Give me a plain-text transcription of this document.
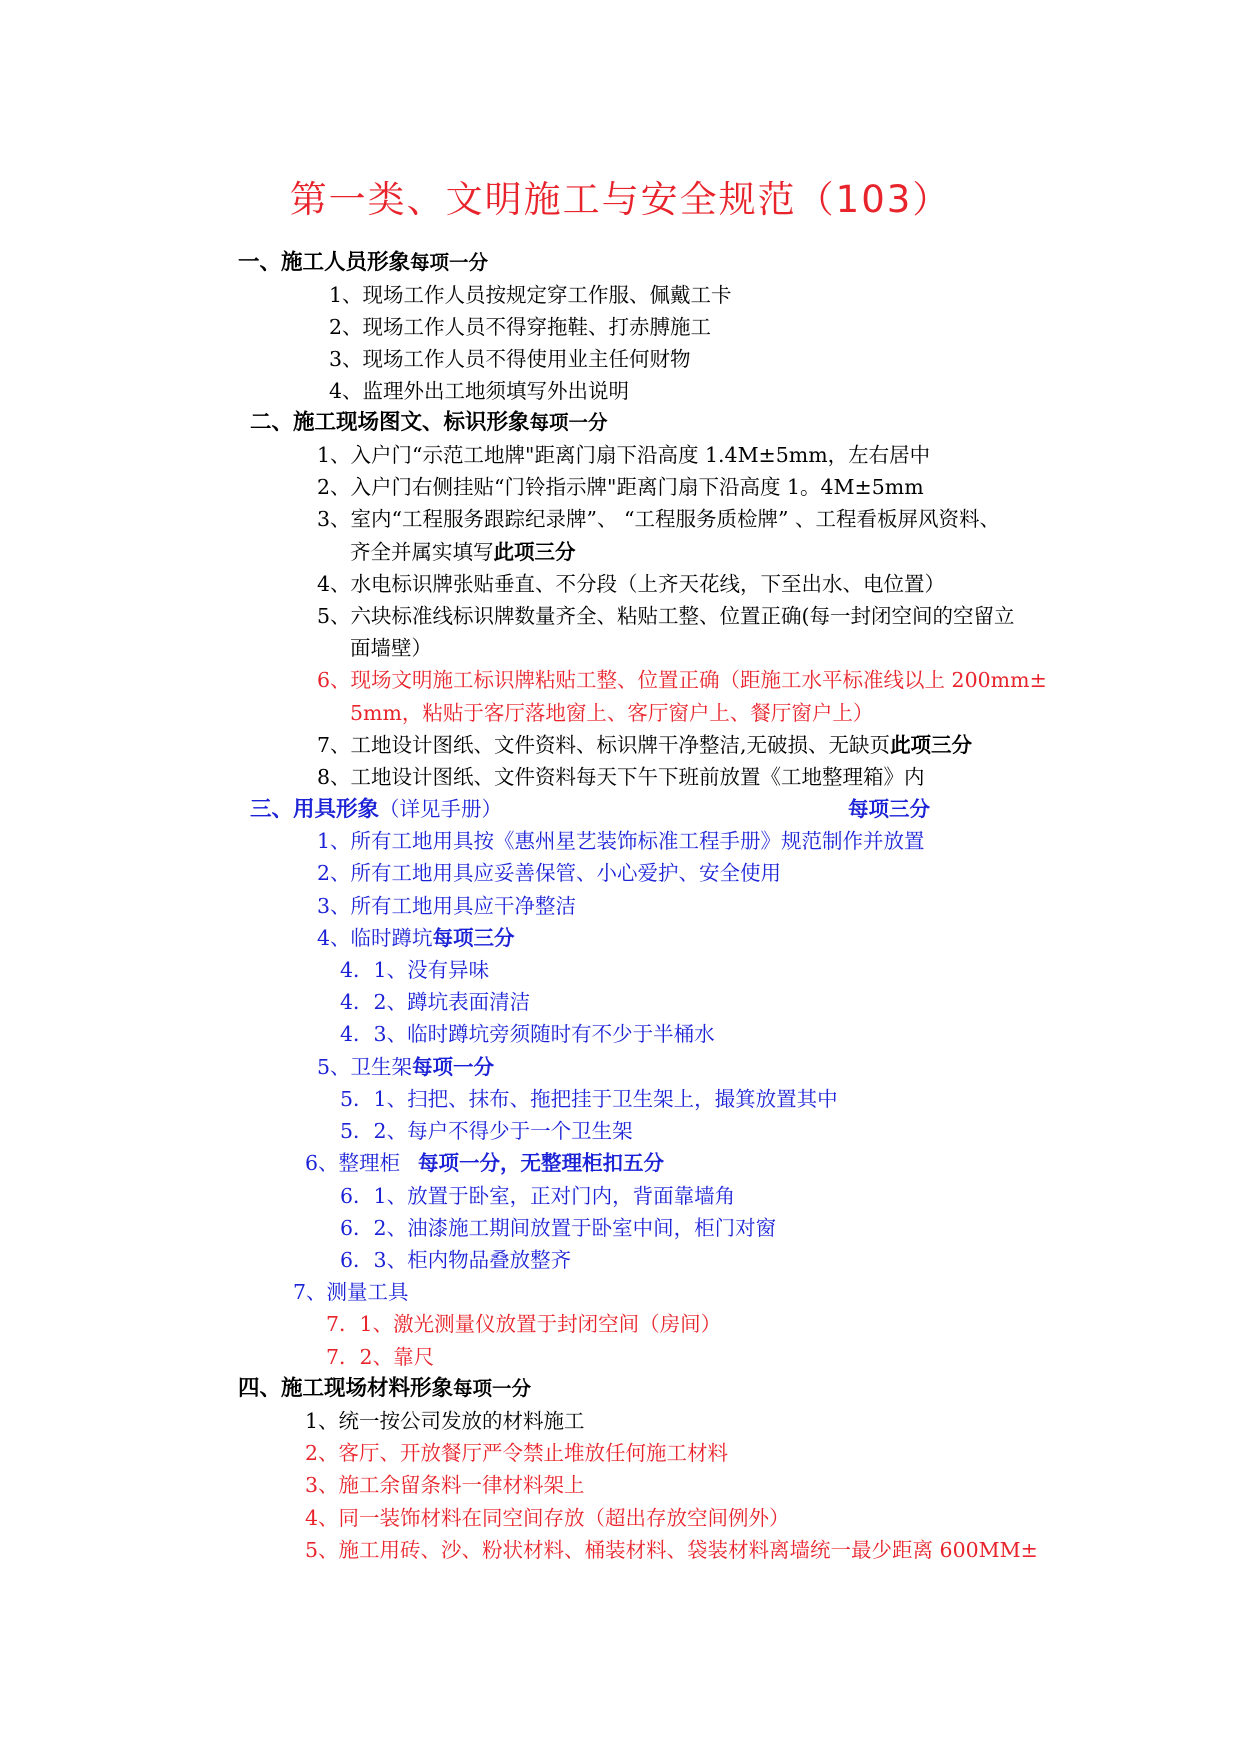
第一类、文明施工与安全规范（103）
一、施工人员形象每项一分
1、现场工作人员按规定穿工作服、佩戴工卡
2、现场工作人员不得穿拖鞋、打赤膊施工
3、现场工作人员不得使用业主任何财物
4、监理外出工地须填写外出说明
二、施工现场图文、标识形象每项一分
1、入户门“示范工地牌"距离门扇下沿高度 1.4M±5mm，左右居中
2、入户门右侧挂贴“门铃指示牌"距离门扇下沿高度 1。4M±5mm
3、室内“工程服务跟踪纪录牌”、 “工程服务质检牌” 、工程看板屏风资料、
齐全并属实填写此项三分
4、水电标识牌张贴垂直、不分段（上齐天花线，下至出水、电位置）
5、六块标准线标识牌数量齐全、粘贴工整、位置正确(每一封闭空间的空留立
面墙壁）
6、现场文明施工标识牌粘贴工整、位置正确（距施工水平标准线以上 200mm±
5mm，粘贴于客厅落地窗上、客厅窗户上、餐厅窗户上）
7、工地设计图纸、文件资料、标识牌干净整洁,无破损、无缺页此项三分
8、工地设计图纸、文件资料每天下午下班前放置《工地整理箱》内
三、用具形象（详见手册）	每项三分
1、所有工地用具按《惠州星艺装饰标准工程手册》规范制作并放置
2、所有工地用具应妥善保管、小心爱护、安全使用
3、所有工地用具应干净整洁
4、临时蹲坑每项三分
4．1、没有异味
4．2、蹲坑表面清洁
4．3、临时蹲坑旁须随时有不少于半桶水
5、卫生架每项一分
5．1、扫把、抹布、拖把挂于卫生架上，撮箕放置其中
5．2、每户不得少于一个卫生架
6、整理柜 每项一分，无整理柜扣五分
6．1、放置于卧室，正对门内，背面靠墙角
6．2、油漆施工期间放置于卧室中间，柜门对窗
6．3、柜内物品叠放整齐
7、测量工具
7．1、激光测量仪放置于封闭空间（房间）
7．2、靠尺
四、施工现场材料形象每项一分
1、统一按公司发放的材料施工
2、客厅、开放餐厅严令禁止堆放任何施工材料
3、施工余留条料一律材料架上
4、同一装饰材料在同空间存放（超出存放空间例外）
5、施工用砖、沙、粉状材料、桶装材料、袋装材料离墙统一最少距离 600MM±
